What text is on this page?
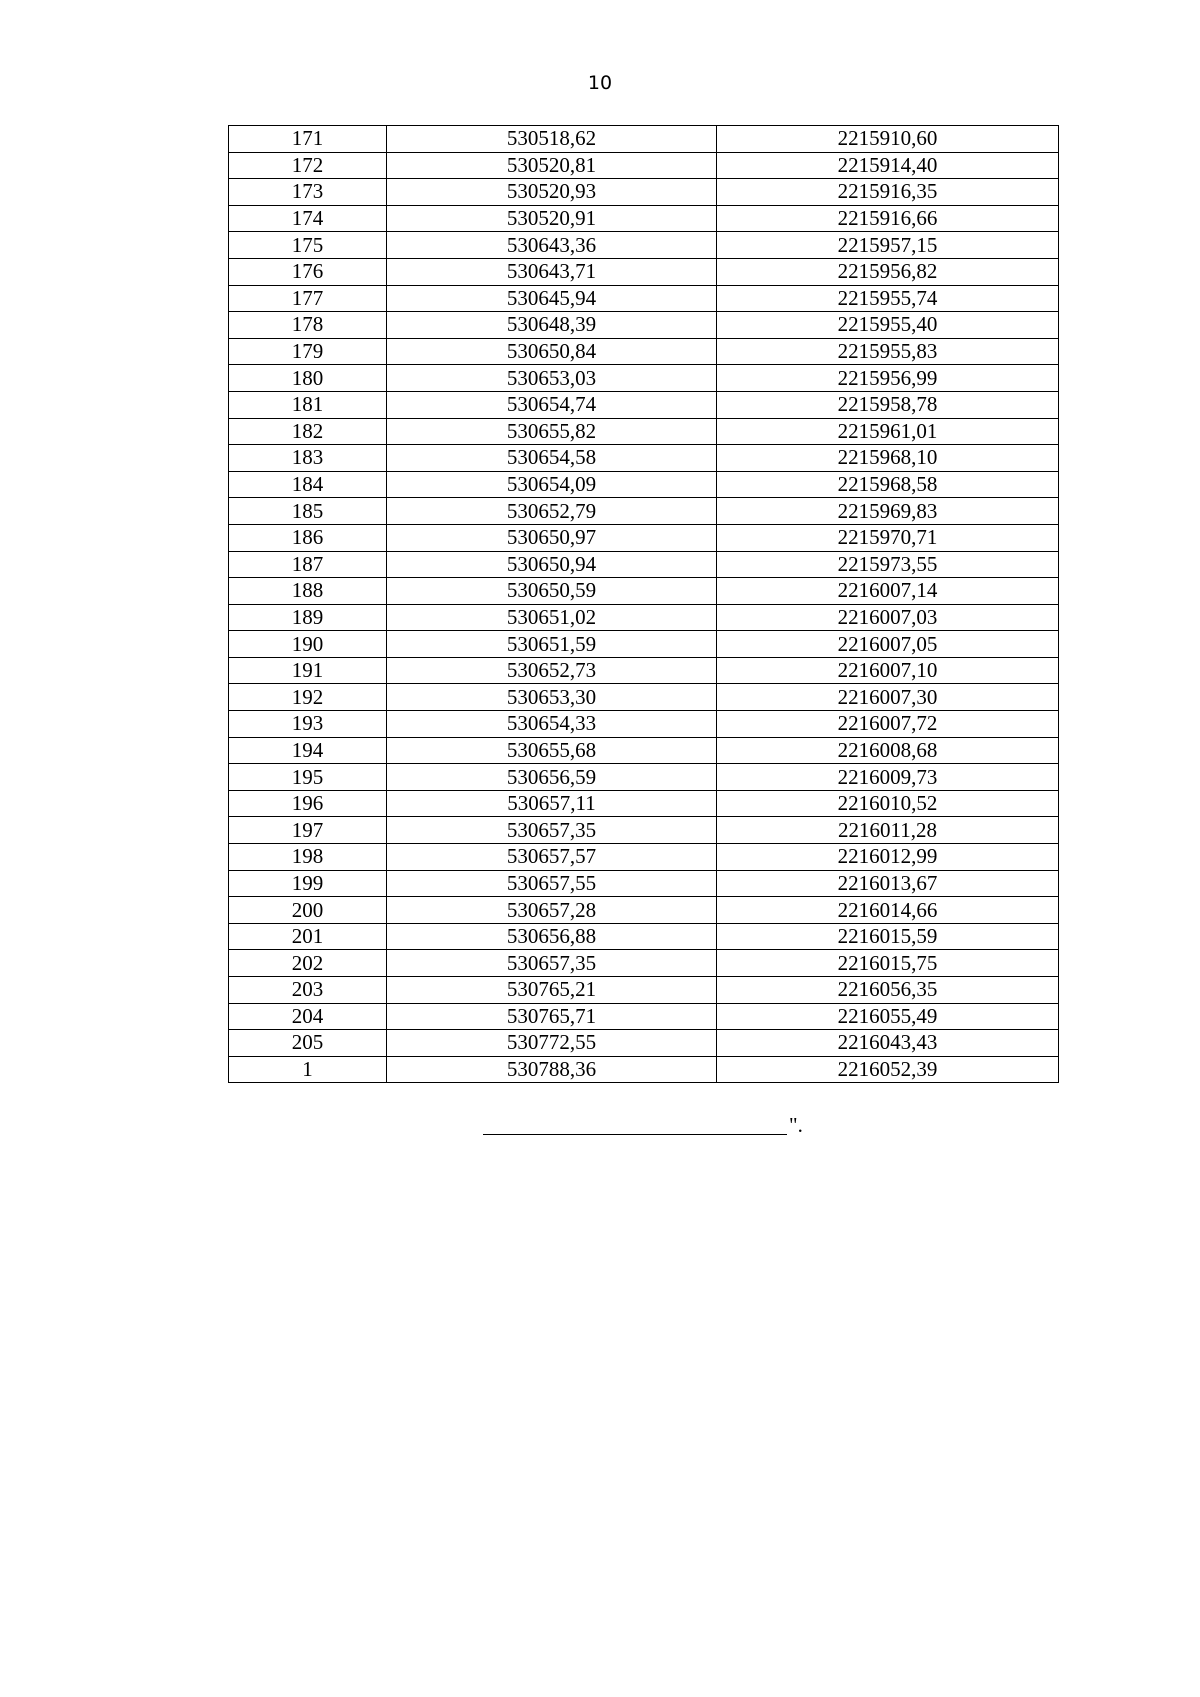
10
171	530518,62	2215910,60
172	530520,81	2215914,40
173	530520,93	2215916,35
174	530520,91	2215916,66
175	530643,36	2215957,15
176	530643,71	2215956,82
177	530645,94	2215955,74
178	530648,39	2215955,40
179	530650,84	2215955,83
180	530653,03	2215956,99
181	530654,74	2215958,78
182	530655,82	2215961,01
183	530654,58	2215968,10
184	530654,09	2215968,58
185	530652,79	2215969,83
186	530650,97	2215970,71
187	530650,94	2215973,55
188	530650,59	2216007,14
189	530651,02	2216007,03
190	530651,59	2216007,05
191	530652,73	2216007,10
192	530653,30	2216007,30
193	530654,33	2216007,72
194	530655,68	2216008,68
195	530656,59	2216009,73
196	530657,11	2216010,52
197	530657,35	2216011,28
198	530657,57	2216012,99
199	530657,55	2216013,67
200	530657,28	2216014,66
201	530656,88	2216015,59
202	530657,35	2216015,75
203	530765,21	2216056,35
204	530765,71	2216055,49
205	530772,55	2216043,43
1	530788,36	2216052,39
".
